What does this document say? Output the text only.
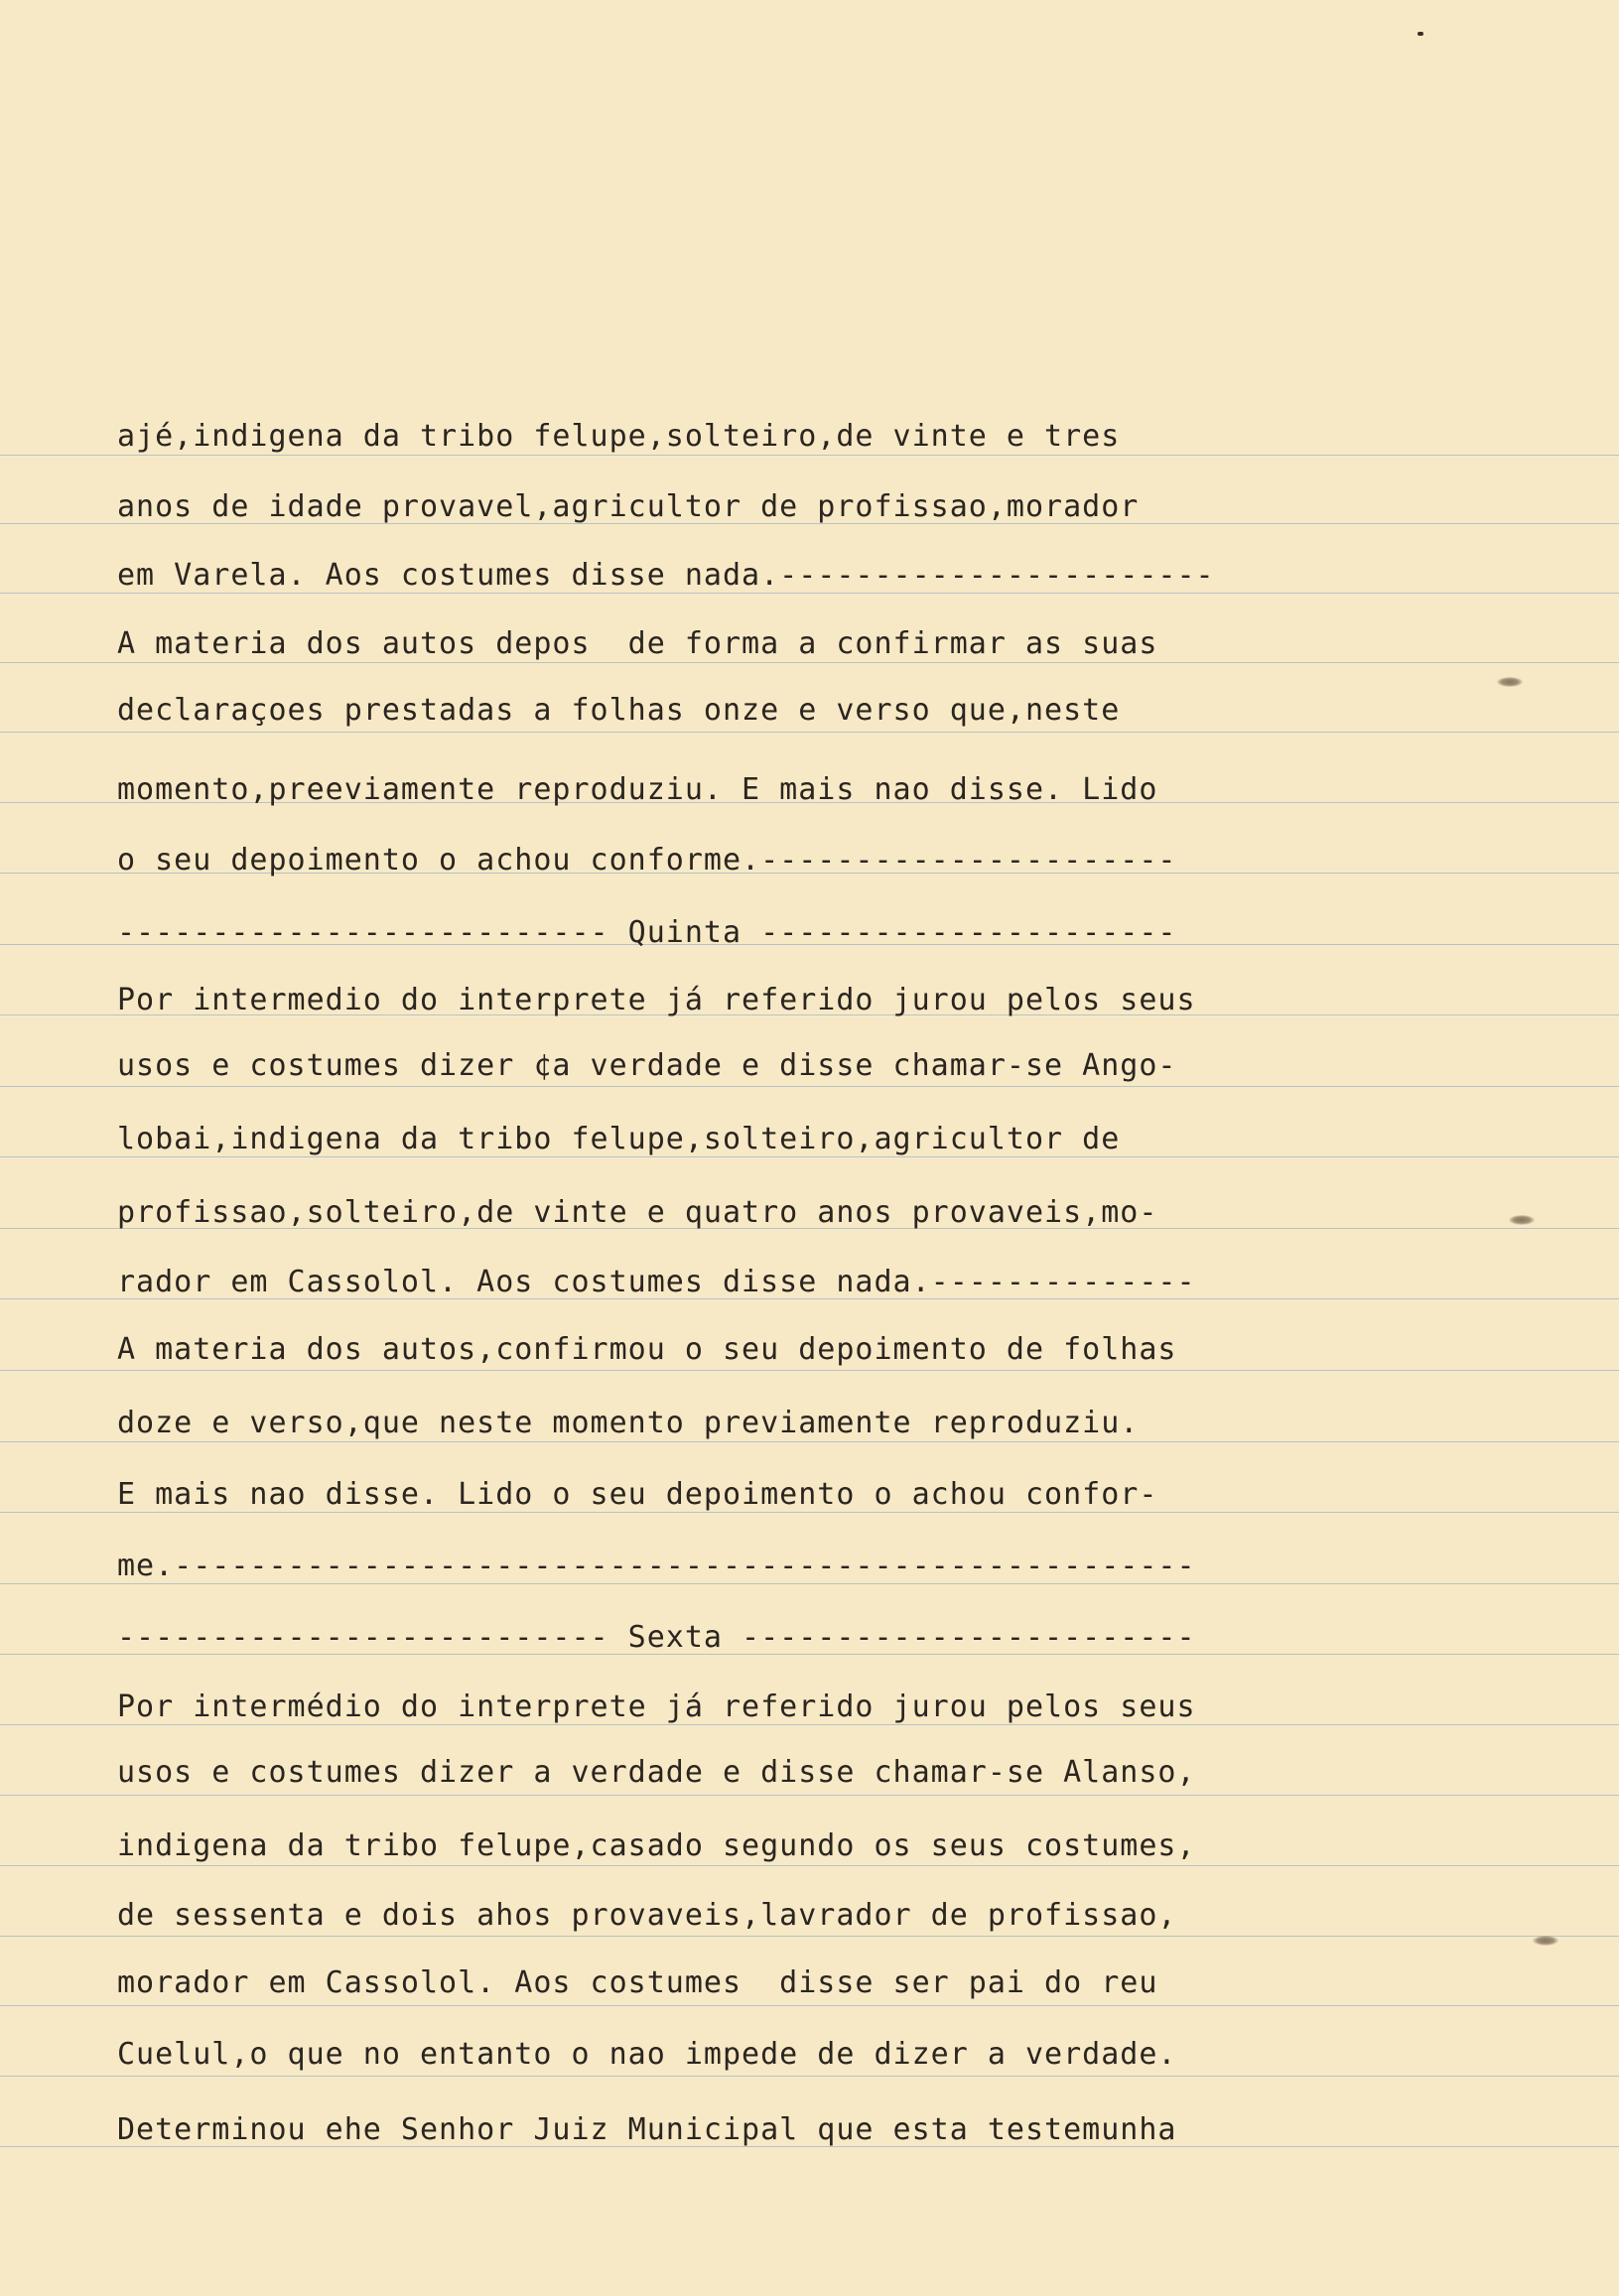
ajé,indigena da tribo felupe,solteiro,de vinte e tres
anos de idade provavel,agricultor de profissao,morador
em Varela. Aos costumes disse nada.-----------------------
A materia dos autos depos  de forma a confirmar as suas
declaraçoes prestadas a folhas onze e verso que,neste
momento,preeviamente reproduziu. E mais nao disse. Lido
o seu depoimento o achou conforme.----------------------
-------------------------- Quinta ----------------------
Por intermedio do interprete já referido jurou pelos seus
usos e costumes dizer ¢a verdade e disse chamar-se Ango-
lobai,indigena da tribo felupe,solteiro,agricultor de
profissao,solteiro,de vinte e quatro anos provaveis,mo-
rador em Cassolol. Aos costumes disse nada.--------------
A materia dos autos,confirmou o seu depoimento de folhas
doze e verso,que neste momento previamente reproduziu.
E mais nao disse. Lido o seu depoimento o achou confor-
me.------------------------------------------------------
-------------------------- Sexta ------------------------
Por intermédio do interprete já referido jurou pelos seus
usos e costumes dizer a verdade e disse chamar-se Alanso,
indigena da tribo felupe,casado segundo os seus costumes,
de sessenta e dois ahos provaveis,lavrador de profissao,
morador em Cassolol. Aos costumes  disse ser pai do reu
Cuelul,o que no entanto o nao impede de dizer a verdade.
Determinou ehe Senhor Juiz Municipal que esta testemunha
